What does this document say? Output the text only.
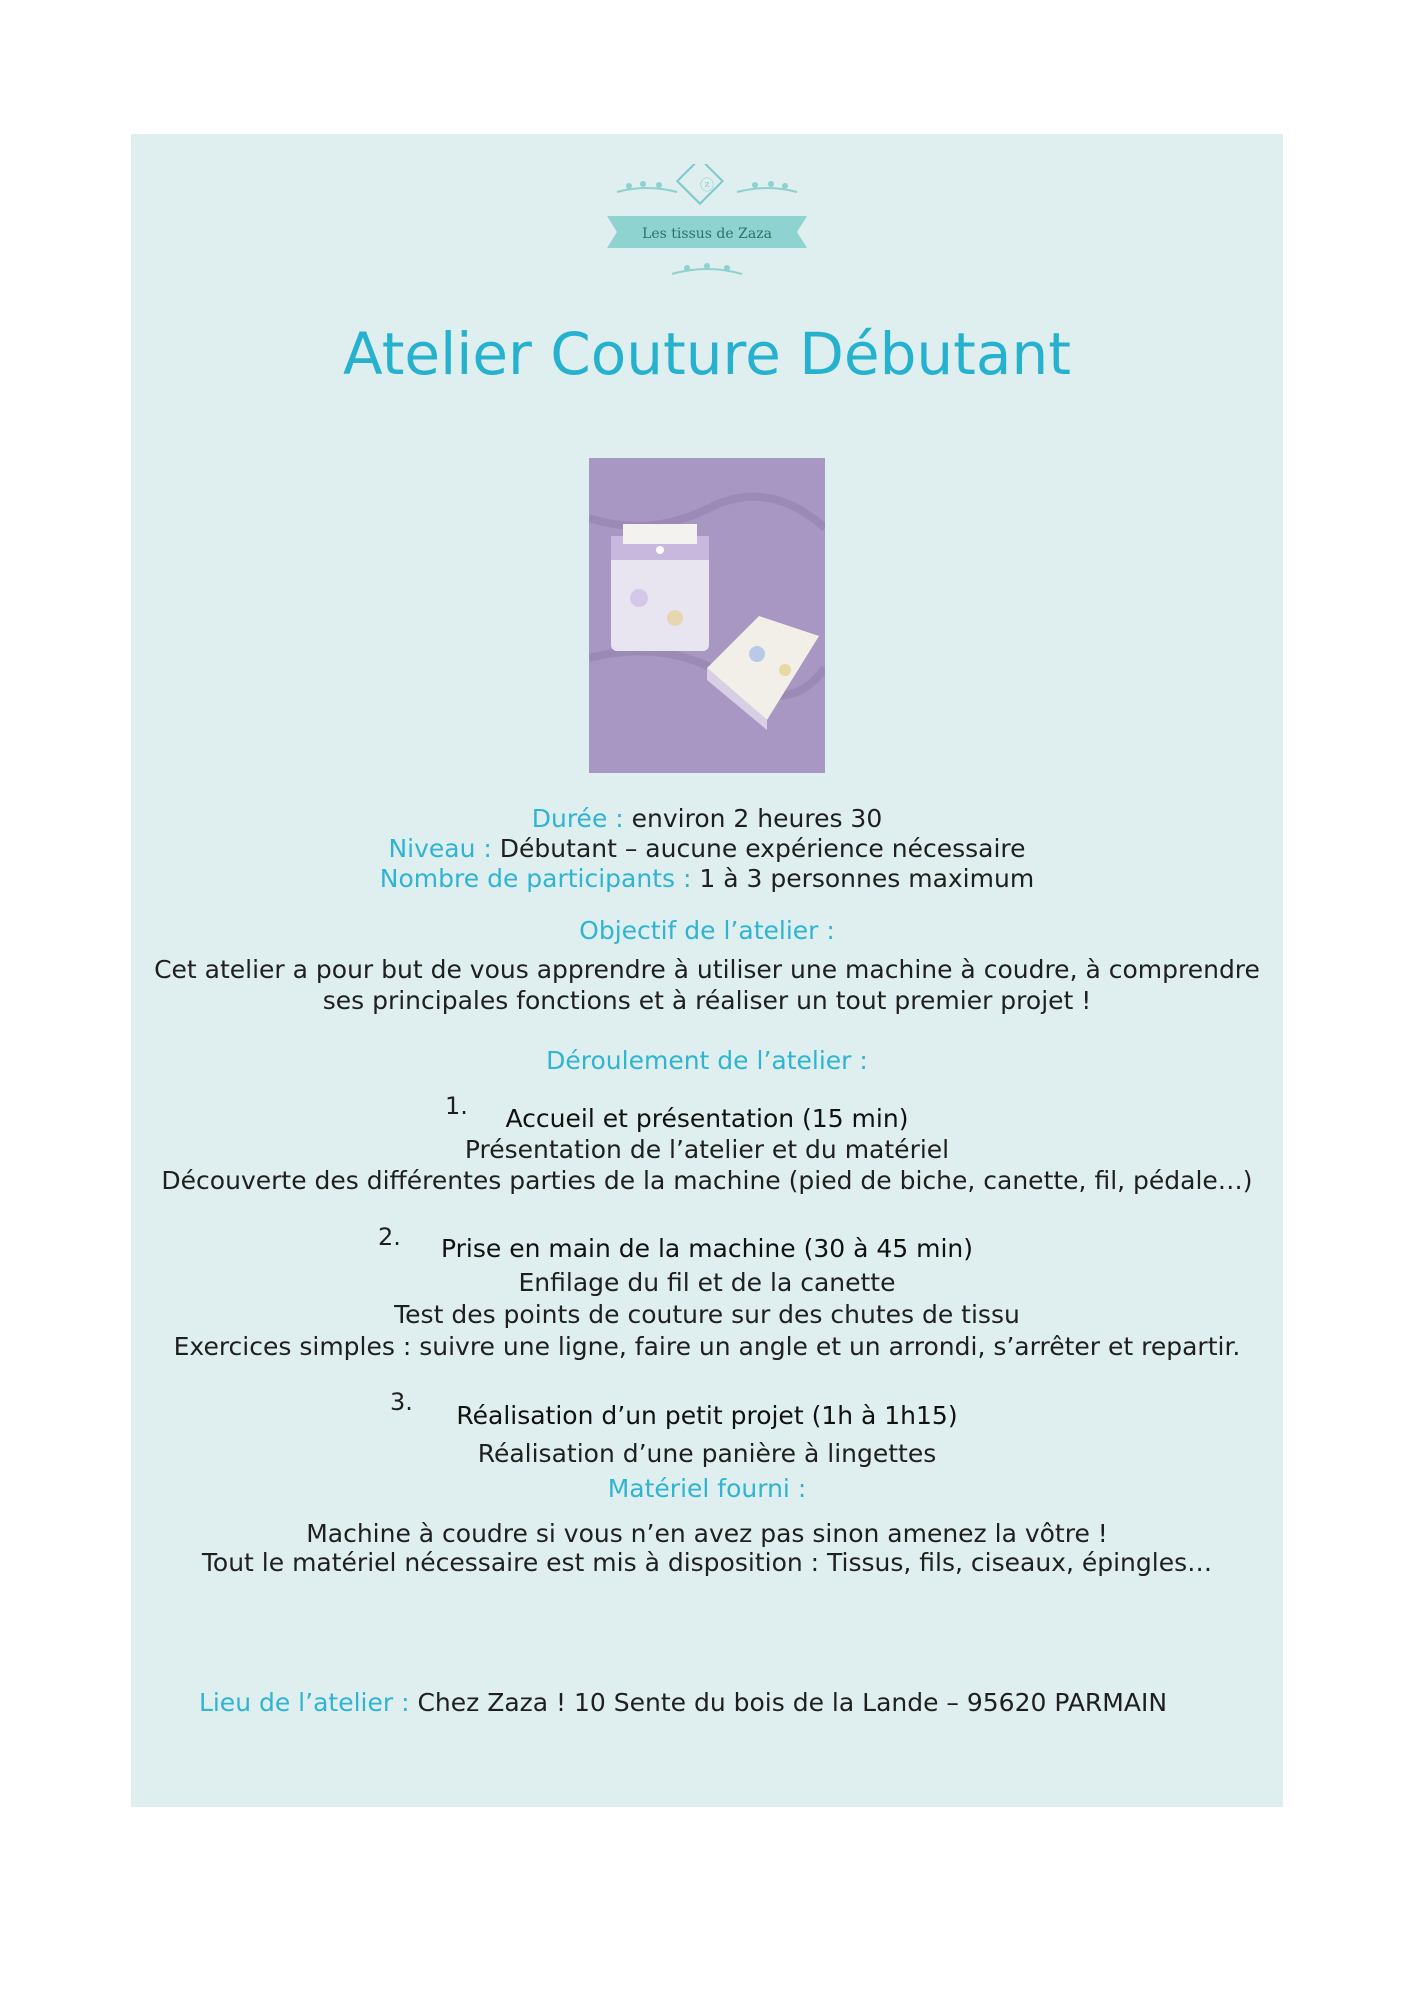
ⓩ
Les tissus de Zaza
Atelier Couture Débutant
Durée : environ 2 heures 30
Niveau : Débutant – aucune expérience nécessaire
Nombre de participants : 1 à 3 personnes maximum
Objectif de l’atelier :
Cet atelier a pour but de vous apprendre à utiliser une machine à coudre, à comprendre
ses principales fonctions et à réaliser un tout premier projet !
Déroulement de l’atelier :
1.	Accueil et présentation (15 min)
Présentation de l’atelier et du matériel
Découverte des différentes parties de la machine (pied de biche, canette, fil, pédale…)
2.	Prise en main de la machine (30 à 45 min)
Enfilage du fil et de la canette
Test des points de couture sur des chutes de tissu
Exercices simples : suivre une ligne, faire un angle et un arrondi, s’arrêter et repartir.
3.	Réalisation d’un petit projet (1h à 1h15)
Réalisation d’une panière à lingettes
Matériel fourni :
Machine à coudre si vous n’en avez pas sinon amenez la vôtre !
Tout le matériel nécessaire est mis à disposition : Tissus, fils, ciseaux, épingles…
Lieu de l’atelier : Chez Zaza ! 10 Sente du bois de la Lande – 95620 PARMAIN
